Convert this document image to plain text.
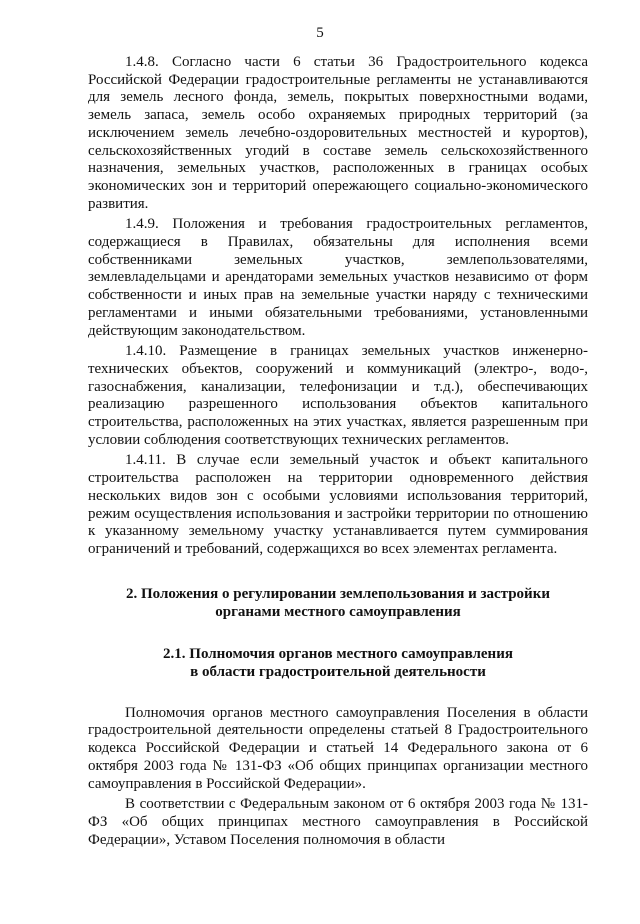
5

1.4.8. Согласно части 6 статьи 36 Градостроительного кодекса Российской Федерации градостроительные регламенты не устанавливаются для земель лесного фонда, земель, покрытых поверхностными водами, земель запаса, земель особо охраняемых природных территорий (за исключением земель лечебно-оздоровительных местностей и курортов), сельскохозяйственных угодий в составе земель сельскохозяйственного назначения, земельных участков, расположенных в границах особых экономических зон и территорий опережающего социально-экономического развития.

1.4.9. Положения и требования градостроительных регламентов, содержащиеся в Правилах, обязательны для исполнения всеми собственниками земельных участков, землепользователями, землевладельцами и арендаторами земельных участков независимо от форм собственности и иных прав на земельные участки наряду с техническими регламентами и иными обязательными требованиями, установленными действующим законодательством.

1.4.10. Размещение в границах земельных участков инженерно-технических объектов, сооружений и коммуникаций (электро-, водо-, газоснабжения, канализации, телефонизации и т.д.), обеспечивающих реализацию разрешенного использования объектов капитального строительства, расположенных на этих участках, является разрешенным при условии соблюдения соответствующих технических регламентов.

1.4.11. В случае если земельный участок и объект капитального строительства расположен на территории одновременного действия нескольких видов зон с особыми условиями использования территорий, режим осуществления использования и застройки территории по отношению к указанному земельному участку устанавливается путем суммирования ограничений и требований, содержащихся во всех элементах регламента.

2. Положения о регулировании землепользования и застройки
органами местного самоуправления
2.1. Полномочия органов местного самоуправления
в области градостроительной деятельности

Полномочия органов местного самоуправления Поселения в области градостроительной деятельности определены статьей 8 Градостроительного кодекса Российской Федерации и статьей 14 Федерального закона от 6 октября 2003 года № 131-ФЗ «Об общих принципах организации местного самоуправления в Российской Федерации».

В соответствии с Федеральным законом от 6 октября 2003 года № 131-ФЗ «Об общих принципах местного самоуправления в Российской Федерации», Уставом Поселения полномочия в области
